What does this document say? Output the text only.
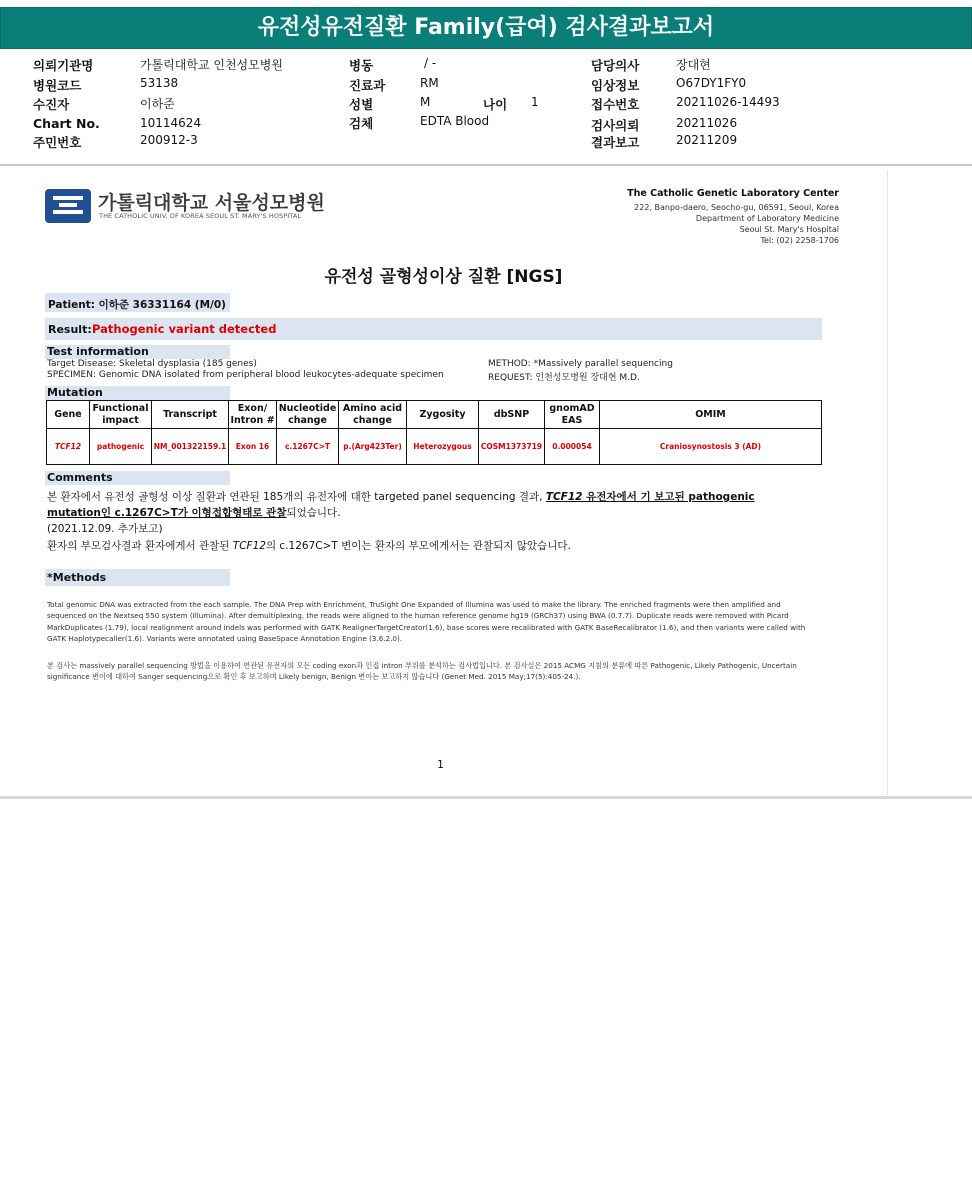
유전성유전질환 Family(급여) 검사결과보고서
의뢰기관명	가톨릭대학교 인천성모병원
병원코드	53138
수진자	이하준
Chart No.	10114624
주민번호	200912-3
병동	/ -
진료과	RM
성별	M	나이 1
검체	EDTA Blood
담당의사	장대현
임상정보	O67DY1FY0
접수번호	20211026-14493
검사의뢰	20211026
결과보고	20211209
가톨릭대학교 서울성모병원
THE CATHOLIC UNIV. OF KOREA SEOUL ST. MARY'S HOSPITAL
The Catholic Genetic Laboratory Center
222, Banpo-daero, Seocho-gu, 06591, Seoul, Korea
Department of Laboratory Medicine
Seoul St. Mary's Hospital
Tel: (02) 2258-1706
유전성 골형성이상 질환 [NGS]
Patient: 이하준 36331164 (M/0)
Result: Pathogenic variant detected
Test information
Target Disease: Skeletal dysplasia (185 genes)
SPECIMEN: Genomic DNA isolated from peripheral blood leukocytes-adequate specimen
METHOD: *Massively parallel sequencing
REQUEST: 인천성모병원 장대현 M.D.
Mutation
Gene	Functional impact	Transcript	Exon/ Intron #	Nucleotide change	Amino acid change	Zygosity	dbSNP	gnomAD EAS	OMIM
TCF12	pathogenic	NM_001322159.1	Exon 16	c.1267C>T	p.(Arg423Ter)	Heterozygous	COSM1373719	0.000054	Craniosynostosis 3 (AD)
Comments
본 환자에서 유전성 골형성 이상 질환과 연관된 185개의 유전자에 대한 targeted panel sequencing 결과, TCF12 유전자에서 기 보고된 pathogenic
mutation인 c.1267C>T가 이형접합형태로 관찰되었습니다.
(2021.12.09. 추가보고)
환자의 부모검사결과 환자에게서 관찰된 TCF12의 c.1267C>T 변이는 환자의 부모에게서는 관찰되지 않았습니다.
*Methods
Total genomic DNA was extracted from the each sample. The DNA Prep with Enrichment, TruSight One Expanded of Illumina was used to make the library. The enriched fragments were then amplified and sequenced on the Nextseq 550 system (Illumina). After demultiplexing, the reads were aligned to the human reference genome hg19 (GRCh37) using BWA (0.7.7). Duplicate reads were removed with Picard MarkDuplicates (1.79), local realignment around indels was performed with GATK RealignerTargetCreator(1.6), base scores were recalibrated with GATK BaseRecalibrator (1.6), and then variants were called with GATK Haplotypecaller(1.6). Variants were annotated using BaseSpace Annotation Engine (3.6.2.0).
본 검사는 massively parallel sequencing 방법을 이용하여 연관된 유전자의 모든 coding exon과 인접 intron 부위를 분석하는 검사법입니다. 본 검사실은 2015 ACMG 지침의 분류에 따른 Pathogenic, Likely Pathogenic, Uncertain significance 변이에 대하여 Sanger sequencing으로 확인 후 보고하며 Likely benign, Benign 변이는 보고하지 않습니다 (Genet Med. 2015 May;17(5):405-24.).
1
